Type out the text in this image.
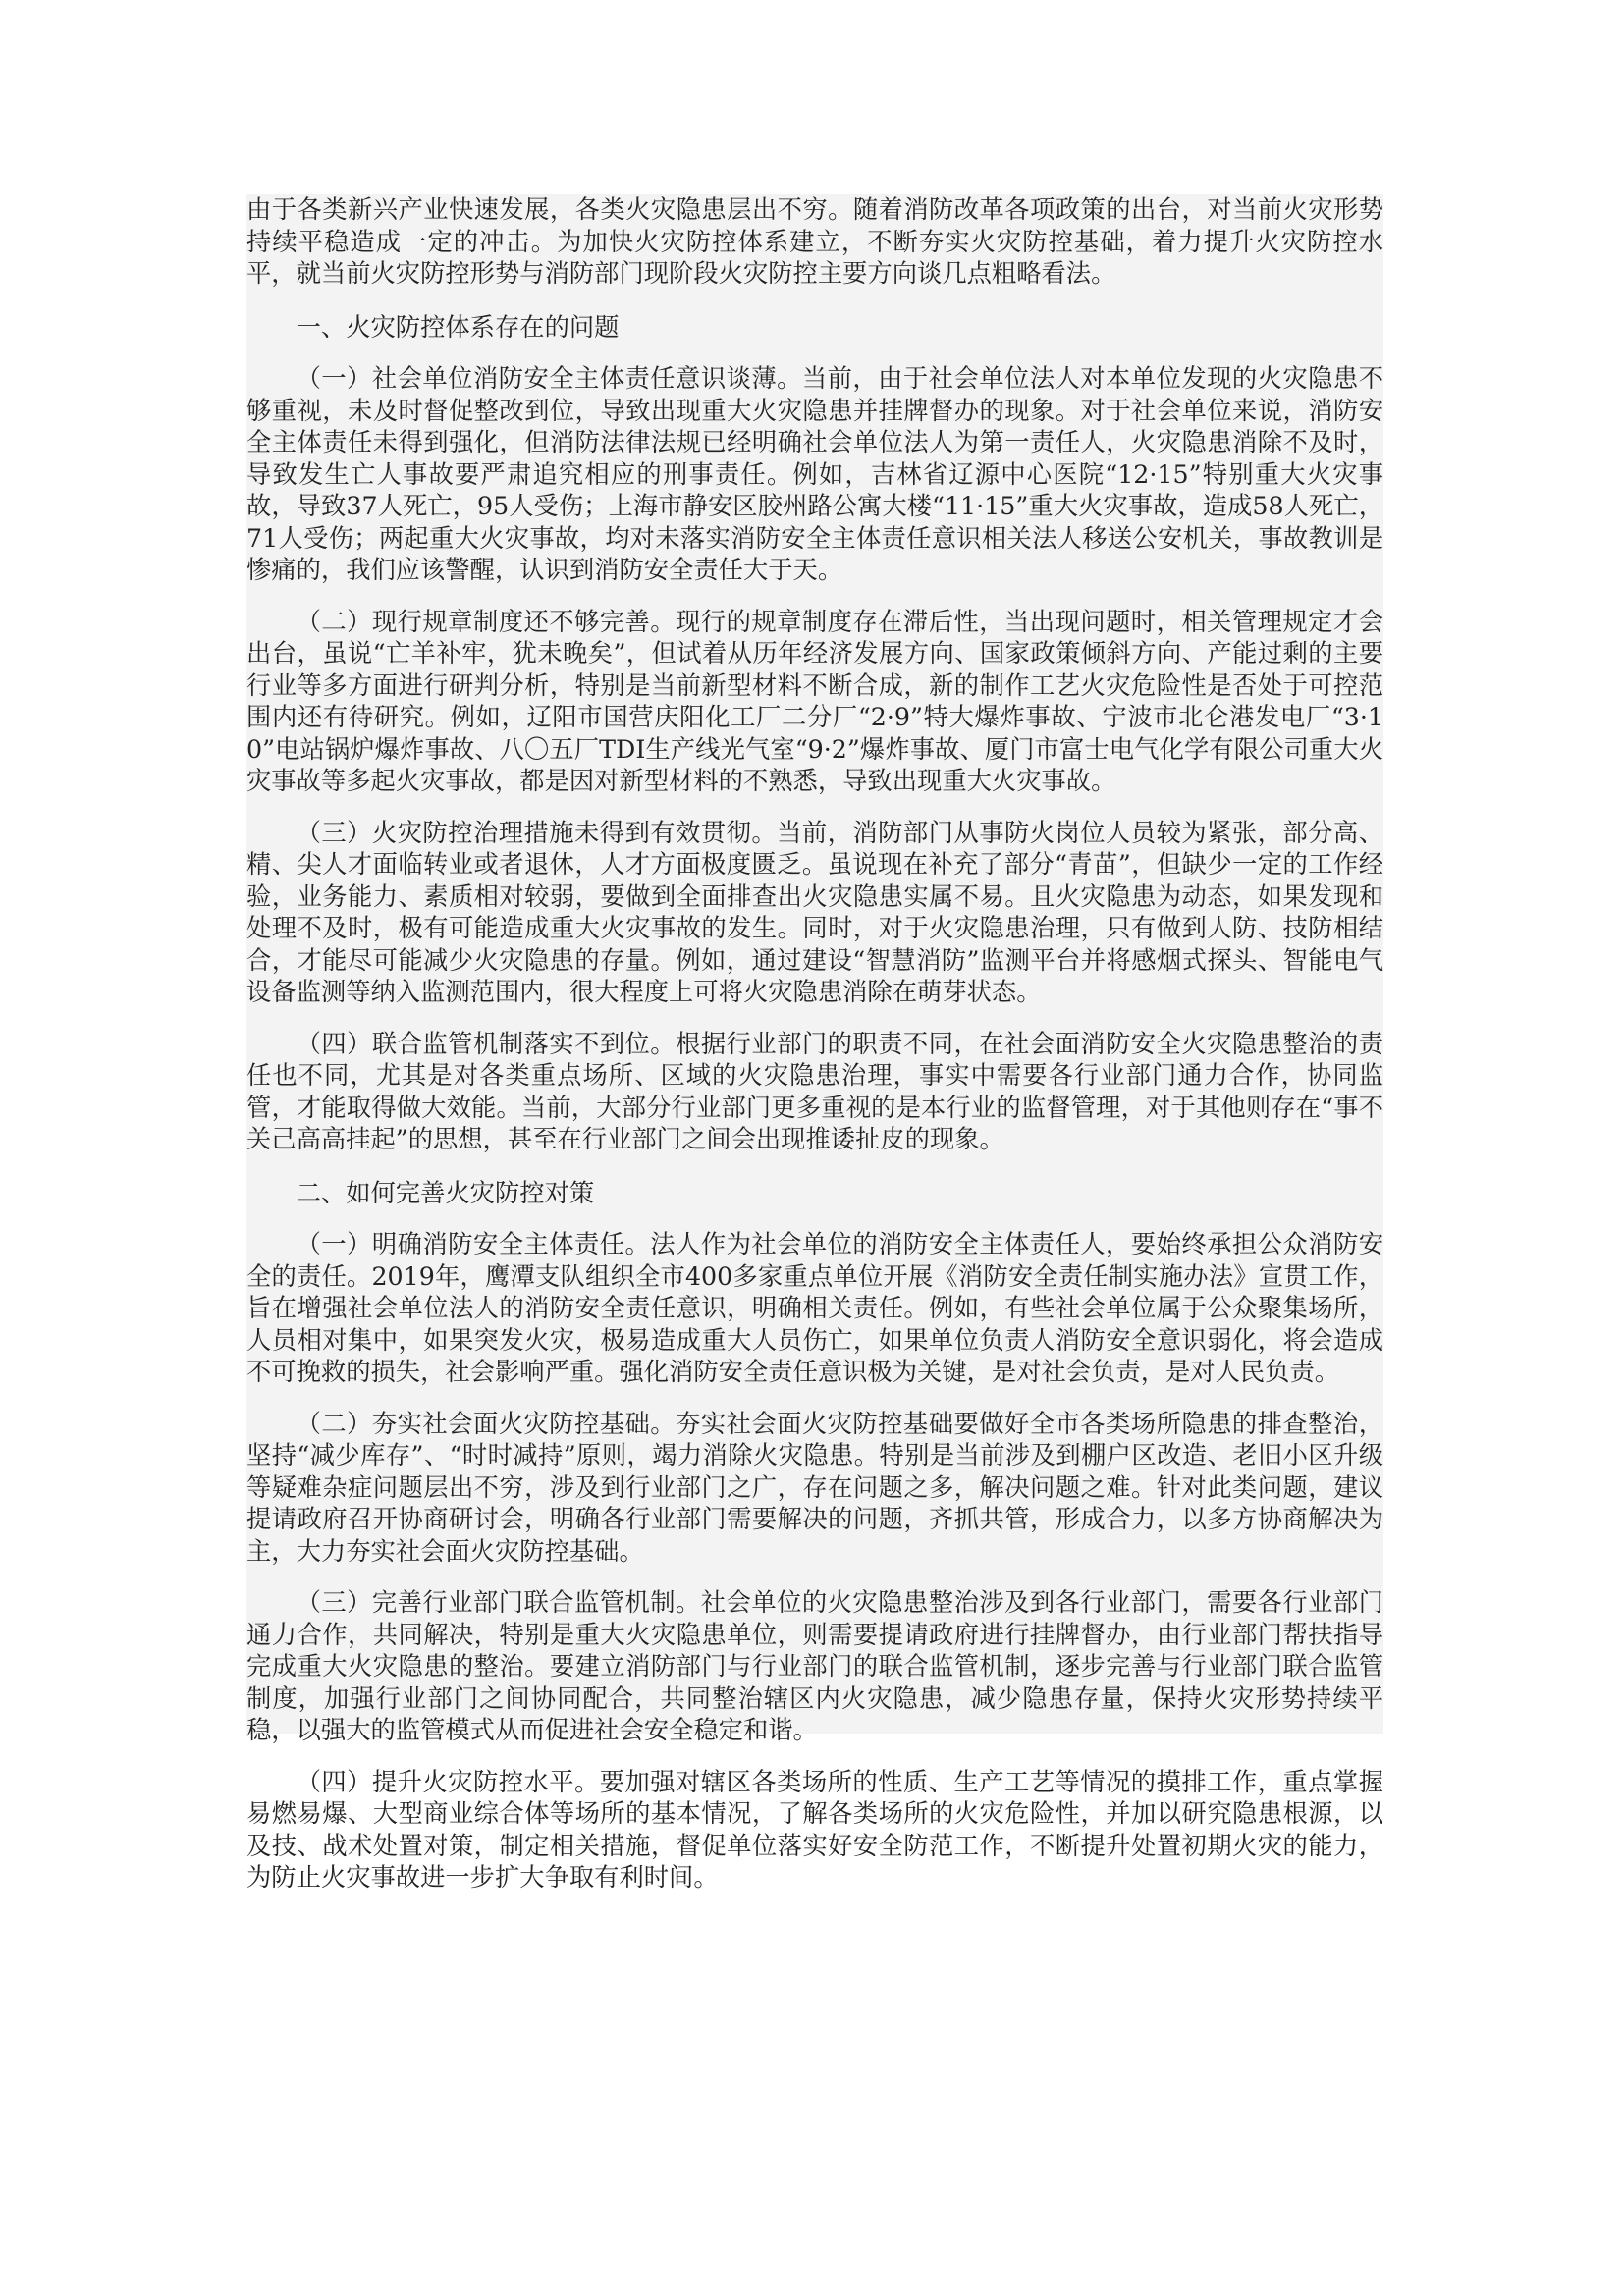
由于各类新兴产业快速发展，各类火灾隐患层出不穷。随着消防改革各项政策的出台，对当前火灾形势持续平稳造成一定的冲击。为加快火灾防控体系建立，不断夯实火灾防控基础，着力提升火灾防控水平，就当前火灾防控形势与消防部门现阶段火灾防控主要方向谈几点粗略看法。

一、火灾防控体系存在的问题

（一）社会单位消防安全主体责任意识谈薄。当前，由于社会单位法人对本单位发现的火灾隐患不够重视，未及时督促整改到位，导致出现重大火灾隐患并挂牌督办的现象。对于社会单位来说，消防安全主体责任未得到强化，但消防法律法规已经明确社会单位法人为第一责任人，火灾隐患消除不及时，导致发生亡人事故要严肃追究相应的刑事责任。例如，吉林省辽源中心医院“12·15”特别重大火灾事故，导致37人死亡，95人受伤；上海市静安区胶州路公寓大楼“11·15”重大火灾事故，造成58人死亡，71人受伤；两起重大火灾事故，均对未落实消防安全主体责任意识相关法人移送公安机关，事故教训是惨痛的，我们应该警醒，认识到消防安全责任大于天。

（二）现行规章制度还不够完善。现行的规章制度存在滞后性，当出现问题时，相关管理规定才会出台，虽说“亡羊补牢，犹未晚矣”，但试着从历年经济发展方向、国家政策倾斜方向、产能过剩的主要行业等多方面进行研判分析，特别是当前新型材料不断合成，新的制作工艺火灾危险性是否处于可控范围内还有待研究。例如，辽阳市国营庆阳化工厂二分厂“2·9”特大爆炸事故、宁波市北仑港发电厂“3·10”电站锅炉爆炸事故、八〇五厂TDI生产线光气室“9·2”爆炸事故、厦门市富士电气化学有限公司重大火灾事故等多起火灾事故，都是因对新型材料的不熟悉，导致出现重大火灾事故。

（三）火灾防控治理措施未得到有效贯彻。当前，消防部门从事防火岗位人员较为紧张，部分高、精、尖人才面临转业或者退休，人才方面极度匮乏。虽说现在补充了部分“青苗”，但缺少一定的工作经验，业务能力、素质相对较弱，要做到全面排查出火灾隐患实属不易。且火灾隐患为动态，如果发现和处理不及时，极有可能造成重大火灾事故的发生。同时，对于火灾隐患治理，只有做到人防、技防相结合，才能尽可能减少火灾隐患的存量。例如，通过建设“智慧消防”监测平台并将感烟式探头、智能电气设备监测等纳入监测范围内，很大程度上可将火灾隐患消除在萌芽状态。

（四）联合监管机制落实不到位。根据行业部门的职责不同，在社会面消防安全火灾隐患整治的责任也不同，尤其是对各类重点场所、区域的火灾隐患治理，事实中需要各行业部门通力合作，协同监管，才能取得做大效能。当前，大部分行业部门更多重视的是本行业的监督管理，对于其他则存在“事不关己高高挂起”的思想，甚至在行业部门之间会出现推诿扯皮的现象。

二、如何完善火灾防控对策

（一）明确消防安全主体责任。法人作为社会单位的消防安全主体责任人，要始终承担公众消防安全的责任。2019年，鹰潭支队组织全市400多家重点单位开展《消防安全责任制实施办法》宣贯工作，旨在增强社会单位法人的消防安全责任意识，明确相关责任。例如，有些社会单位属于公众聚集场所，人员相对集中，如果突发火灾，极易造成重大人员伤亡，如果单位负责人消防安全意识弱化，将会造成不可挽救的损失，社会影响严重。强化消防安全责任意识极为关键，是对社会负责，是对人民负责。

（二）夯实社会面火灾防控基础。夯实社会面火灾防控基础要做好全市各类场所隐患的排查整治，坚持“减少库存”、“时时减持”原则，竭力消除火灾隐患。特别是当前涉及到棚户区改造、老旧小区升级等疑难杂症问题层出不穷，涉及到行业部门之广，存在问题之多，解决问题之难。针对此类问题，建议提请政府召开协商研讨会，明确各行业部门需要解决的问题，齐抓共管，形成合力，以多方协商解决为主，大力夯实社会面火灾防控基础。

（三）完善行业部门联合监管机制。社会单位的火灾隐患整治涉及到各行业部门，需要各行业部门通力合作，共同解决，特别是重大火灾隐患单位，则需要提请政府进行挂牌督办，由行业部门帮扶指导完成重大火灾隐患的整治。要建立消防部门与行业部门的联合监管机制，逐步完善与行业部门联合监管制度，加强行业部门之间协同配合，共同整治辖区内火灾隐患，减少隐患存量，保持火灾形势持续平稳，以强大的监管模式从而促进社会安全稳定和谐。

（四）提升火灾防控水平。要加强对辖区各类场所的性质、生产工艺等情况的摸排工作，重点掌握易燃易爆、大型商业综合体等场所的基本情况，了解各类场所的火灾危险性，并加以研究隐患根源，以及技、战术处置对策，制定相关措施，督促单位落实好安全防范工作，不断提升处置初期火灾的能力，为防止火灾事故进一步扩大争取有利时间。
